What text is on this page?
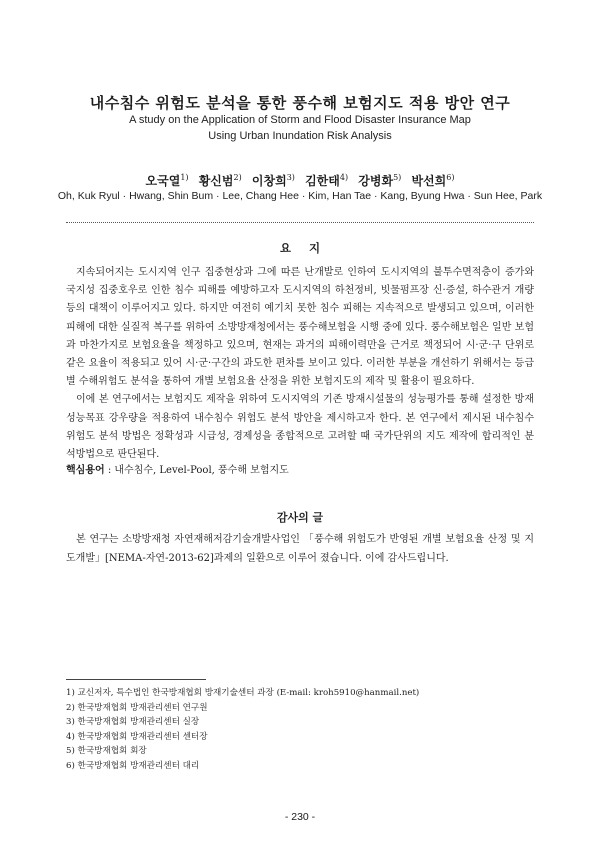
내수침수 위험도 분석을 통한 풍수해 보험지도 적용 방안 연구
A study on the Application of Storm and Flood Disaster Insurance Map
Using Urban Inundation Risk Analysis
오국열$^{1)}$ 황신범$^{2)}$ 이창희$^{3)}$ 김한태$^{4)}$ 강병화$^{5)}$ 박선희$^{6)}$
Oh, Kuk Ryul · Hwang, Shin Bum · Lee, Chang Hee · Kim, Han Tae · Kang, Byung Hwa · Sun Hee, Park
요 지

지속되어지는 도시지역 인구 집중현상과 그에 따른 난개발로 인하여 도시지역의 불투수면적층이 증가와 국지성 집중호우로 인한 침수 피해를 예방하고자 도시지역의 하천정비, 빗물펌프장 신·증설, 하수관거 개량 등의 대책이 이루어지고 있다. 하지만 여전히 예기치 못한 침수 피해는 지속적으로 발생되고 있으며, 이러한 피해에 대한 실질적 복구를 위하여 소방방재청에서는 풍수해보험을 시행 중에 있다. 풍수해보험은 일반 보험과 마찬가지로 보험요율을 책정하고 있으며, 현재는 과거의 피해이력만을 근거로 책정되어 시·군·구 단위로 같은 요율이 적용되고 있어 시·군·구간의 과도한 편차를 보이고 있다. 이러한 부분을 개선하기 위해서는 등급별 수해위험도 분석을 통하여 개별 보험요율 산정을 위한 보험지도의 제작 및 활용이 필요하다.

이에 본 연구에서는 보험지도 제작을 위하여 도시지역의 기존 방재시설물의 성능평가를 통해 설정한 방재성능목표 강우량을 적용하여 내수침수 위험도 분석 방안을 제시하고자 한다. 본 연구에서 제시된 내수침수 위험도 분석 방법은 정확성과 시급성, 경제성을 종합적으로 고려할 때 국가단위의 지도 제작에 합리적인 분석방법으로 판단된다.

핵심용어 : 내수침수, Level-Pool, 풍수해 보험지도
감사의 글

본 연구는 소방방재청 자연재해저감기술개발사업인 「풍수해 위험도가 반영된 개별 보험요율 산정 및 지도개발」[NEMA-자연-2013-62]과제의 일환으로 이루어 졌습니다. 이에 감사드립니다.

1) 교신저자, 특수법인 한국방재협회 방재기술센터 과장 (E-mail: kroh5910@hanmail.net)
2) 한국방재협회 방재관리센터 연구원
3) 한국방재협회 방재관리센터 실장
4) 한국방재협회 방재관리센터 센터장
5) 한국방재협회 회장
6) 한국방재협회 방재관리센터 대리
- 230 -
